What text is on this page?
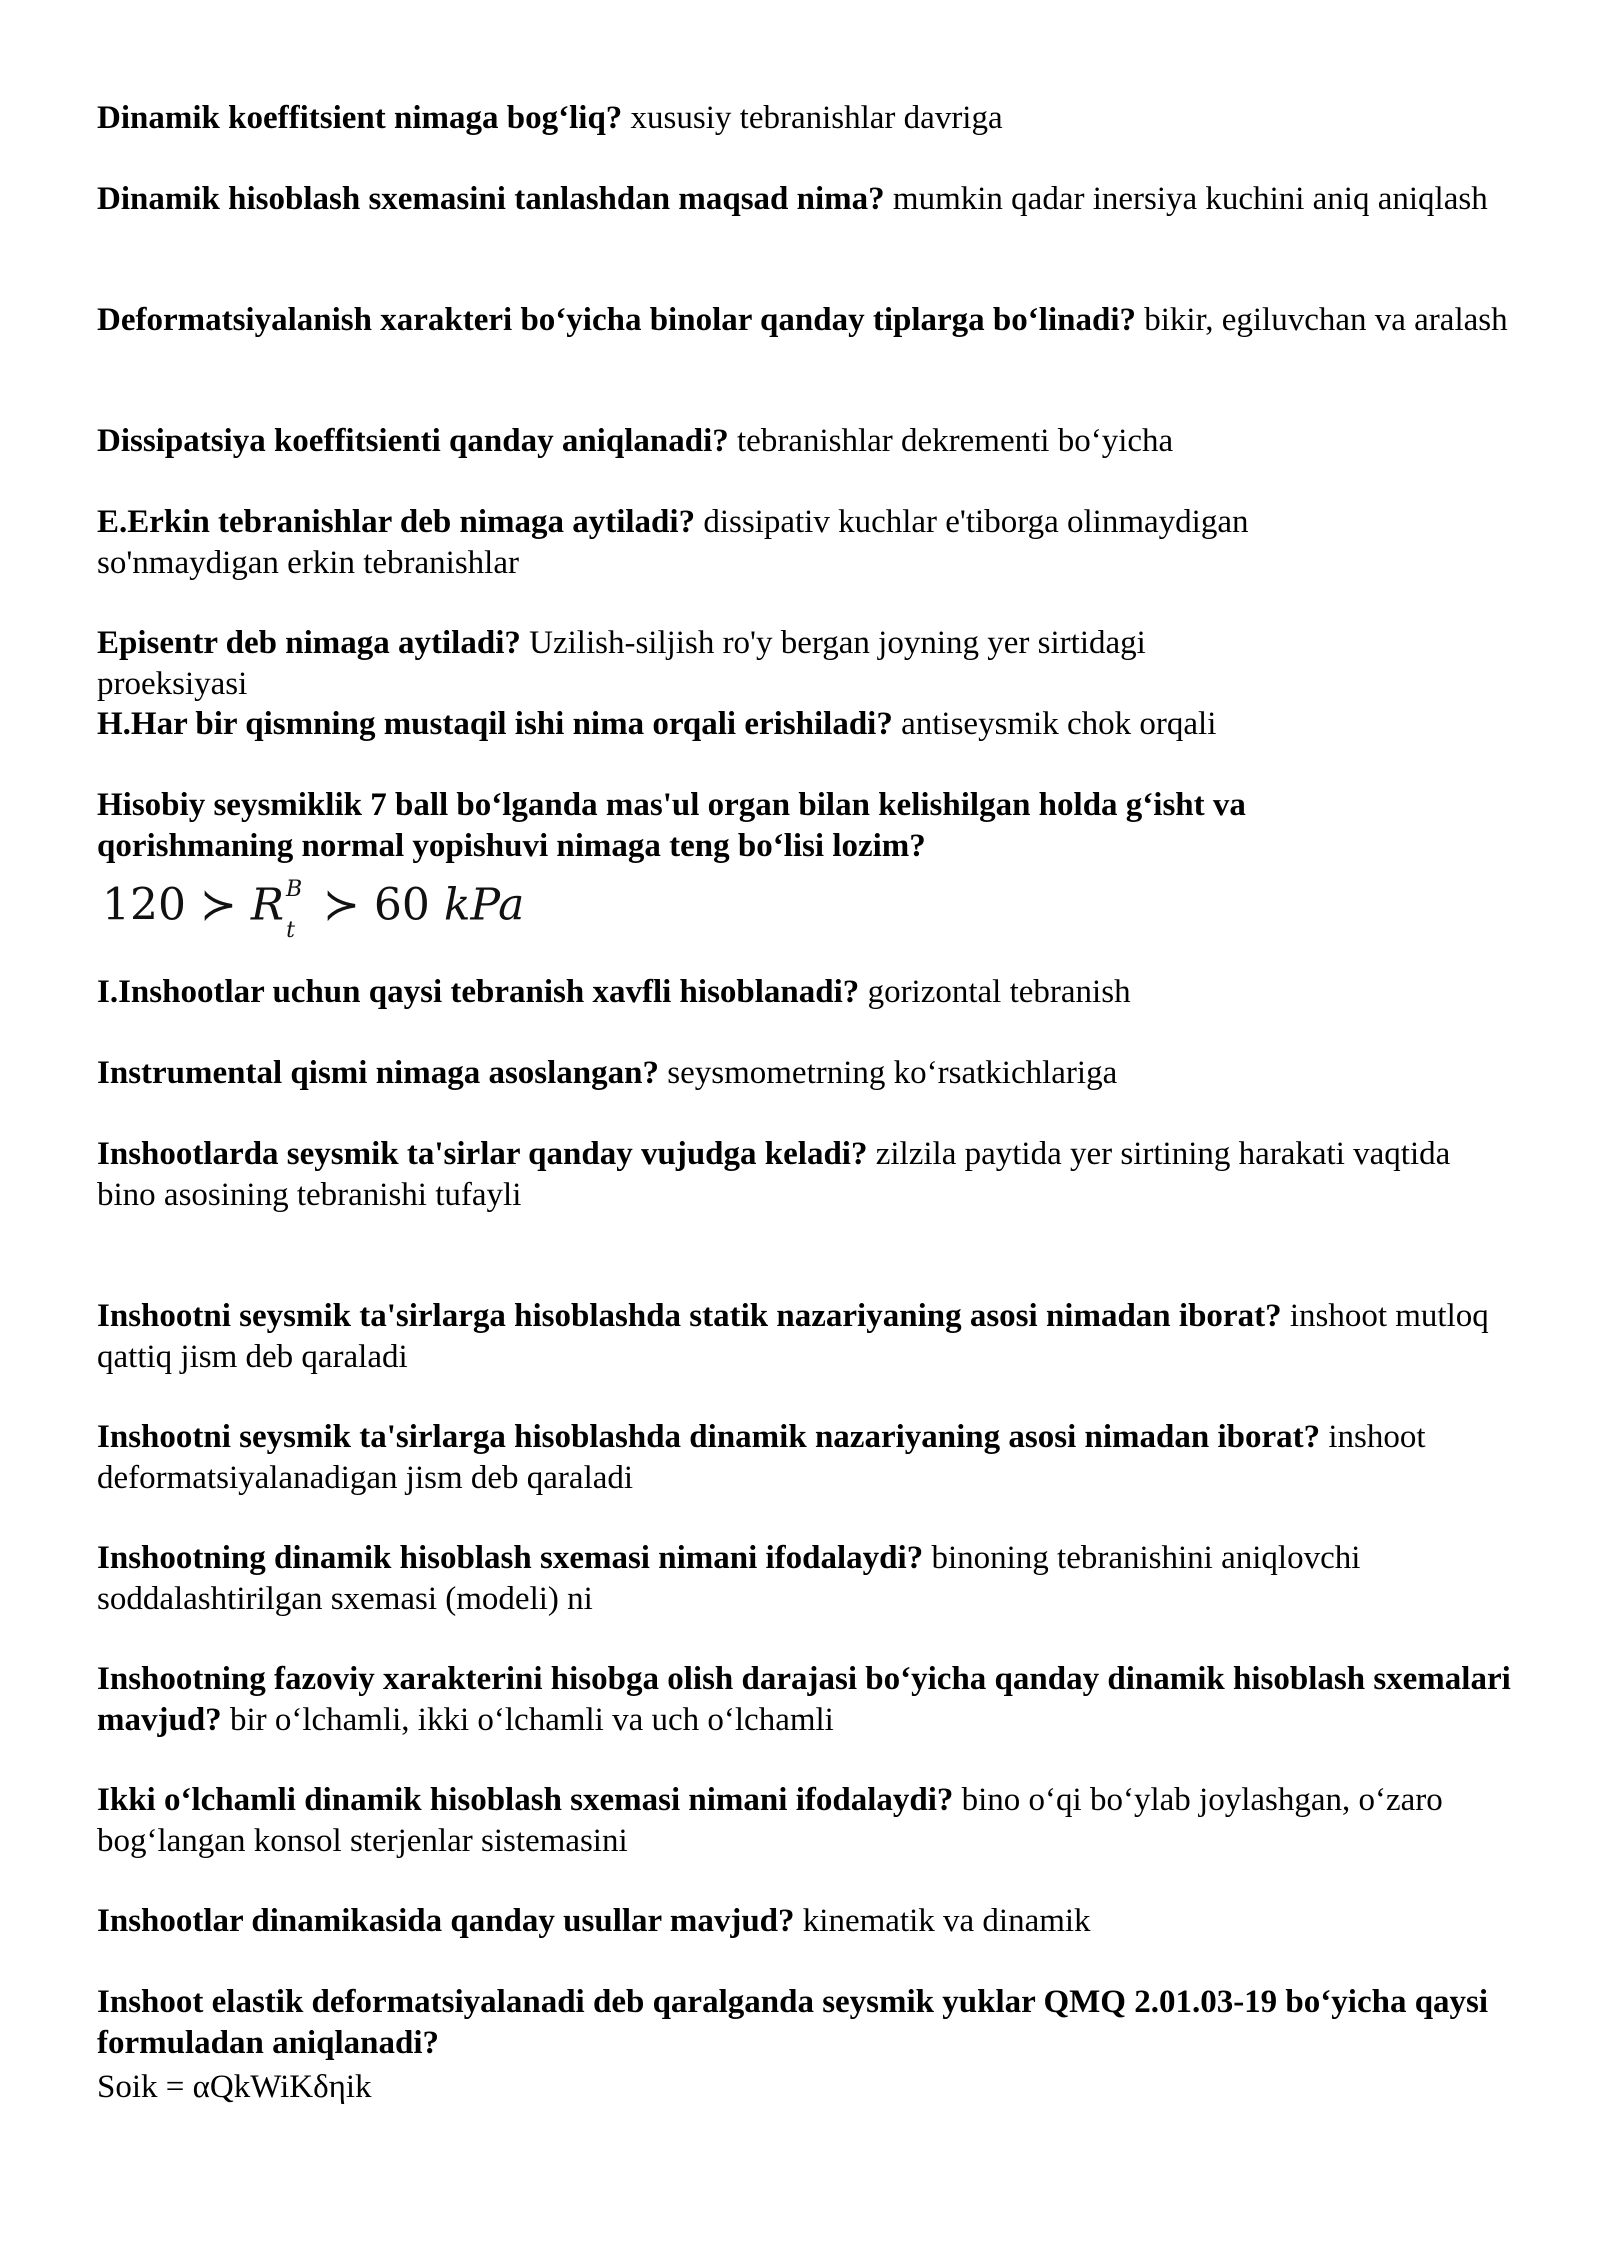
Dinamik koeffitsient nimaga bog‘liq? xususiy tebranishlar davriga
Dinamik hisoblash sxemasini tanlashdan maqsad nima? mumkin qadar inersiya kuchini aniq aniqlash
Deformatsiyalanish xarakteri bo‘yicha binolar qanday tiplarga bo‘linadi? bikir, egiluvchan va aralash
Dissipatsiya koeffitsienti qanday aniqlanadi? tebranishlar dekrementi bo‘yicha
E.Erkin tebranishlar deb nimaga aytiladi? dissipativ kuchlar e'tiborga olinmaydigan so'nmaydigan erkin tebranishlar
Episentr deb nimaga aytiladi? Uzilish-siljish ro'y bergan joyning yer sirtidagi proeksiyasi
H.Har bir qismning mustaqil ishi nima orqali erishiladi? antiseysmik chok orqali
Hisobiy seysmiklik 7 ball bo‘lganda mas'ul organ bilan kelishilgan holda g‘isht va qorishmaning normal yopishuvi nimaga teng bo‘lisi lozim?
120 ≻ $R^B_t$ ≻ 60 kPa
I.Inshootlar uchun qaysi tebranish xavfli hisoblanadi? gorizontal tebranish
Instrumental qismi nimaga asoslangan? seysmometrning ko‘rsatkichlariga
Inshootlarda seysmik ta'sirlar qanday vujudga keladi? zilzila paytida yer sirtining harakati vaqtida bino asosining tebranishi tufayli
Inshootni seysmik ta'sirlarga hisoblashda statik nazariyaning asosi nimadan iborat? inshoot mutloq qattiq jism deb qaraladi
Inshootni seysmik ta'sirlarga hisoblashda dinamik nazariyaning asosi nimadan iborat? inshoot deformatsiyalanadigan jism deb qaraladi
Inshootning dinamik hisoblash sxemasi nimani ifodalaydi? binoning tebranishini aniqlovchi soddalashtirilgan sxemasi (modeli) ni
Inshootning fazoviy xarakterini hisobga olish darajasi bo‘yicha qanday dinamik hisoblash sxemalari mavjud? bir o‘lchamli, ikki o‘lchamli va uch o‘lchamli
Ikki o‘lchamli dinamik hisoblash sxemasi nimani ifodalaydi? bino o‘qi bo‘ylab joylashgan, o‘zaro bog‘langan konsol sterjenlar sistemasini
Inshootlar dinamikasida qanday usullar mavjud? kinematik va dinamik
Inshoot elastik deformatsiyalanadi deb qaralganda seysmik yuklar QMQ 2.01.03-19 bo‘yicha qaysi formuladan aniqlanadi?
Soik = αQkWiKδηik
